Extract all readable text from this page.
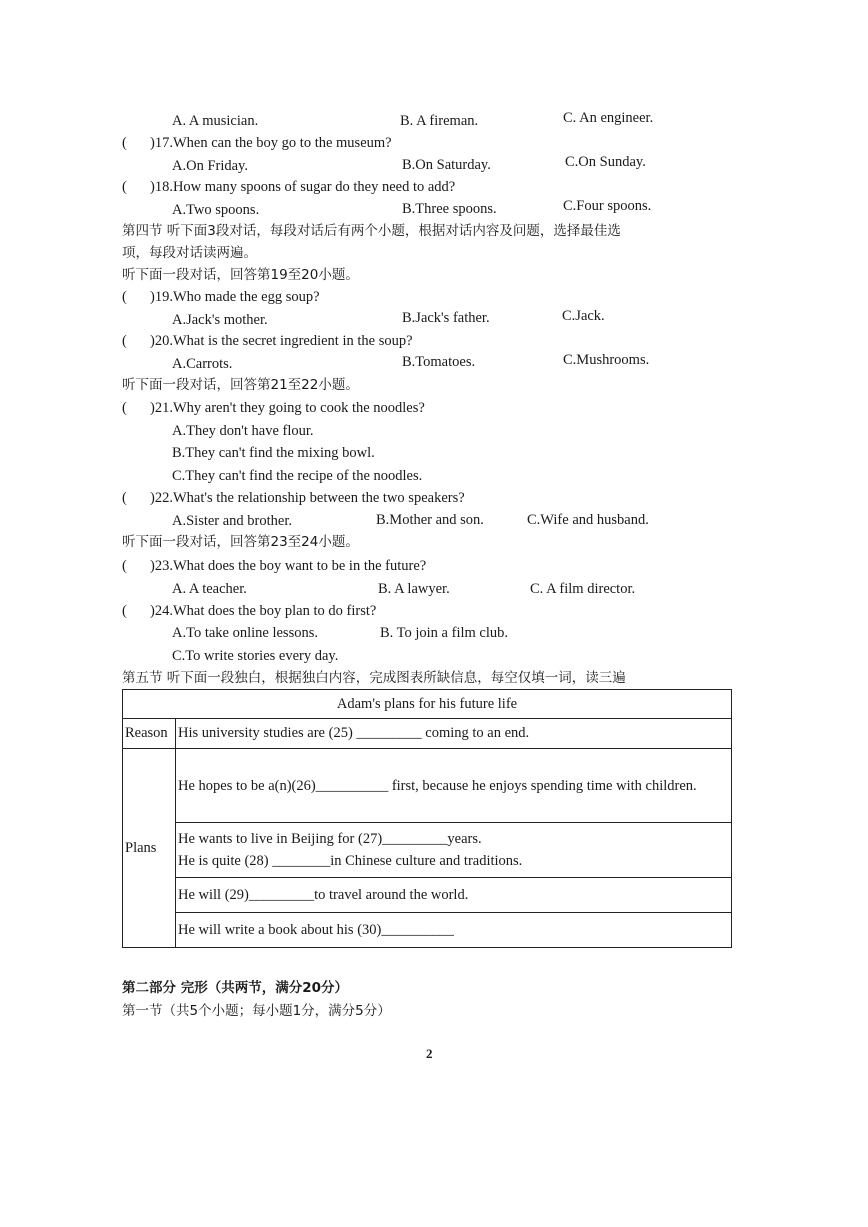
A. A musician.	B. A fireman.	C. An engineer.
( )17.When can the boy go to the museum?
A.On Friday.	B.On Saturday.	C.On Sunday.
( )18.How many spoons of sugar do they need to add?
A.Two spoons.	B.Three spoons.	C.Four spoons.
第四节 听下面3段对话，每段对话后有两个小题，根据对话内容及问题，选择最佳选
项，每段对话读两遍。
听下面一段对话，回答第19至20小题。
( )19.Who made the egg soup?
A.Jack's mother.	B.Jack's father.	C.Jack.
( )20.What is the secret ingredient in the soup?
A.Carrots.	B.Tomatoes.	C.Mushrooms.
听下面一段对话，回答第21至22小题。
( )21.Why aren't they going to cook the noodles?
A.They don't have flour.
B.They can't find the mixing bowl.
C.They can't find the recipe of the noodles.
( )22.What's the relationship between the two speakers?
A.Sister and brother.	B.Mother and son.	C.Wife and husband.
听下面一段对话，回答第23至24小题。
( )23.What does the boy want to be in the future?
A. A teacher.	B. A lawyer.	C. A film director.
( )24.What does the boy plan to do first?
A.To take online lessons.	B. To join a film club.
C.To write stories every day.
第五节 听下面一段独白，根据独白内容，完成图表所缺信息，每空仅填一词，读三遍
Adam's plans for his future life	
Reason	His university studies are (25) _________ coming to an end.
Plans	He hopes to be a(n)(26)__________ first, because he enjoys spending time with children.

	He wants to live in Beijing for (27)_________years.
He is quite (28) ________in Chinese culture and traditions.

	He will (29)_________to travel around the world.
	He will write a book about his (30)__________
第二部分 完形（共两节，满分20分）
第一节（共5个小题；每小题1分，满分5分）
2
